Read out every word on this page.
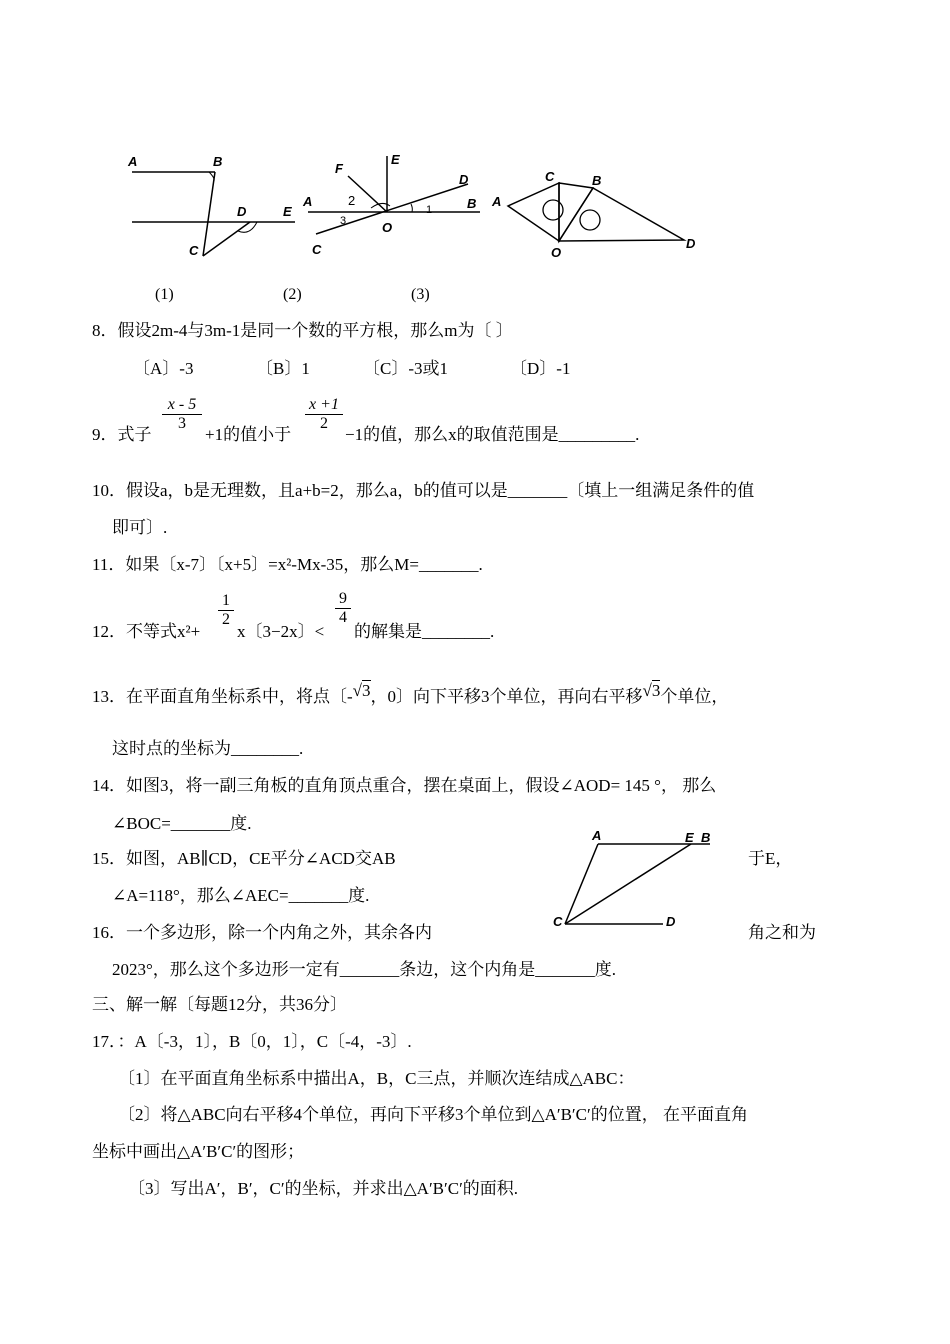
A	B
D	E
C
F
E
A	2
3	O
D
B
1
C
A
C	B
O
D
(1)	(2)	(3)
8．假设2m-4与3m-1是同一个数的平方根，那么m为〔 〕
〔A〕-3	〔B〕1	〔C〕-3或1	〔D〕-1
9．式子
$\frac{x - 5}{3}$
+1的值小于
$\frac{x +1}{2}$
−1的值，那么x的取值范围是_________.
10．假设a，b是无理数，且a+b=2，那么a，b的值可以是_______〔填上一组满足条件的值
即可〕.
11．如果〔x-7〕〔x+5〕=x²-Mx-35，那么M=_______.
12．不等式x²+
$\frac{1}{2}$
x〔3−2x〕<
$\frac{9}{4}$
的解集是________.
13．在平面直角坐标系中，将点〔-√3，0〕向下平移3个单位，再向右平移√3个单位，
这时点的坐标为________.
14．如图3，将一副三角板的直角顶点重合，摆在桌面上，假设∠AOD= 145 °， 那么
∠BOC=_______度.
15．如图，AB∥CD，CE平分∠ACD交AB	于E，
∠A=118°，那么∠AEC=_______度.
A	E B
C	D
16．一个多边形，除一个内角之外，其余各内	角之和为
2023°，那么这个多边形一定有_______条边，这个内角是_______度.
三、解一解〔每题12分，共36分〕
17．：A〔-3，1〕，B〔0，1〕，C〔-4，-3〕.
〔1〕在平面直角坐标系中描出A，B，C三点，并顺次连结成△ABC：
〔2〕将△ABC向右平移4个单位，再向下平移3个单位到△A′B′C′的位置， 在平面直角
坐标中画出△A′B′C′的图形；
〔3〕写出A′，B′，C′的坐标，并求出△A′B′C′的面积.
